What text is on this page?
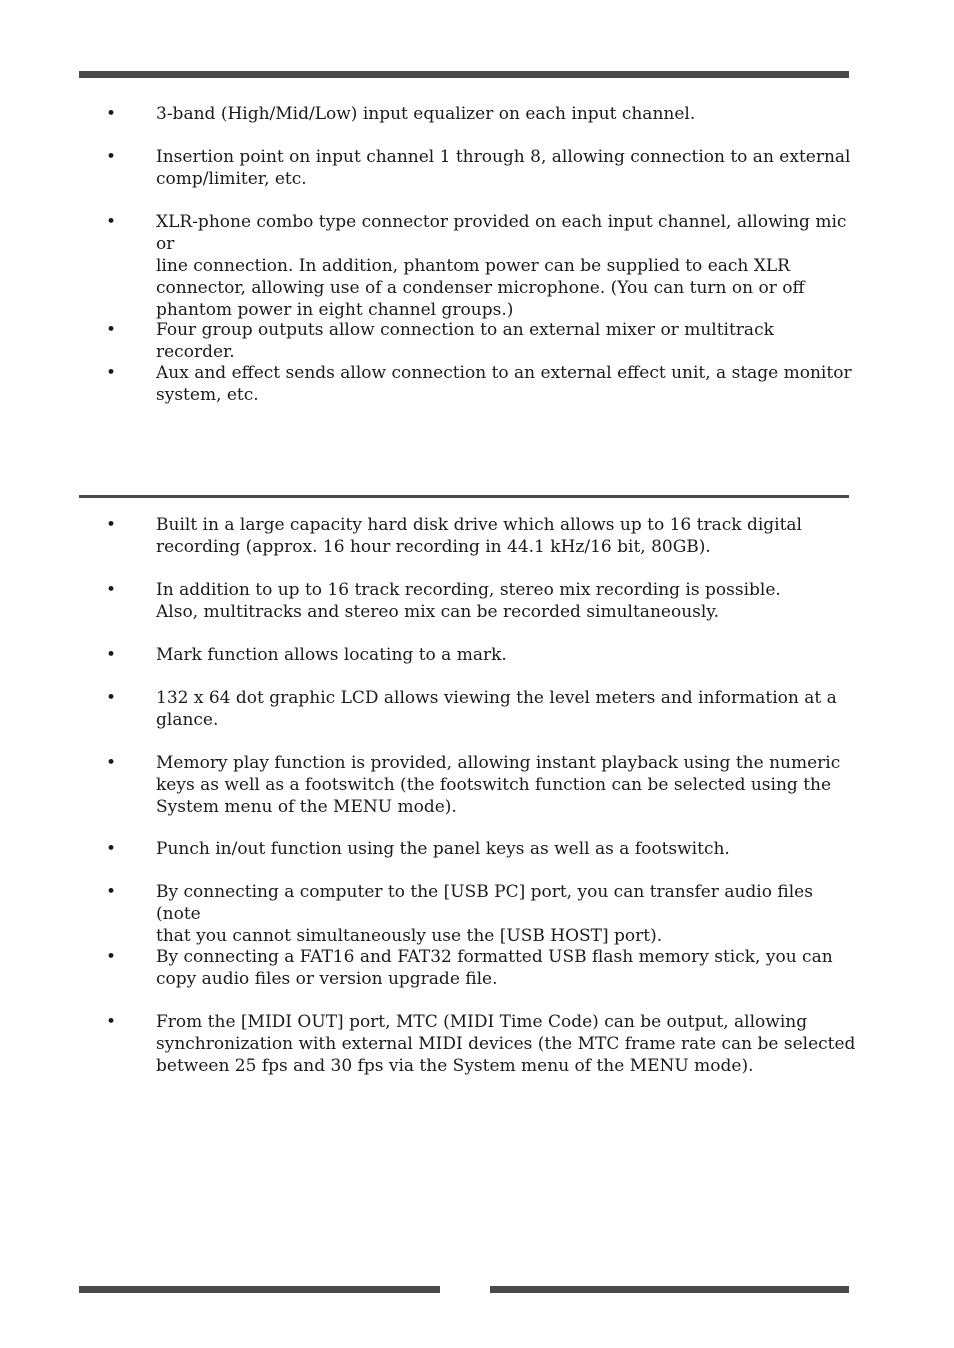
• 3-band (High/Mid/Low) input equalizer on each input channel.
• Insertion point on input channel 1 through 8, allowing connection to an external
comp/limiter, etc.
• XLR-phone combo type connector provided on each input channel, allowing mic or
line connection. In addition, phantom power can be supplied to each XLR
connector, allowing use of a condenser microphone. (You can turn on or off
phantom power in eight channel groups.)
• Four group outputs allow connection to an external mixer or multitrack recorder.
• Aux and effect sends allow connection to an external effect unit, a stage monitor
system, etc.
• Built in a large capacity hard disk drive which allows up to 16 track digital
recording (approx. 16 hour recording in 44.1 kHz/16 bit, 80GB).
• In addition to up to 16 track recording, stereo mix recording is possible.
Also, multitracks and stereo mix can be recorded simultaneously.
• Mark function allows locating to a mark.
• 132 x 64 dot graphic LCD allows viewing the level meters and information at a
glance.
• Memory play function is provided, allowing instant playback using the numeric
keys as well as a footswitch (the footswitch function can be selected using the
System menu of the MENU mode).
• Punch in/out function using the panel keys as well as a footswitch.
• By connecting a computer to the [USB PC] port, you can transfer audio files (note
that you cannot simultaneously use the [USB HOST] port).
• By connecting a FAT16 and FAT32 formatted USB flash memory stick, you can
copy audio files or version upgrade file.
• From the [MIDI OUT] port, MTC (MIDI Time Code) can be output, allowing
synchronization with external MIDI devices (the MTC frame rate can be selected
between 25 fps and 30 fps via the System menu of the MENU mode).
